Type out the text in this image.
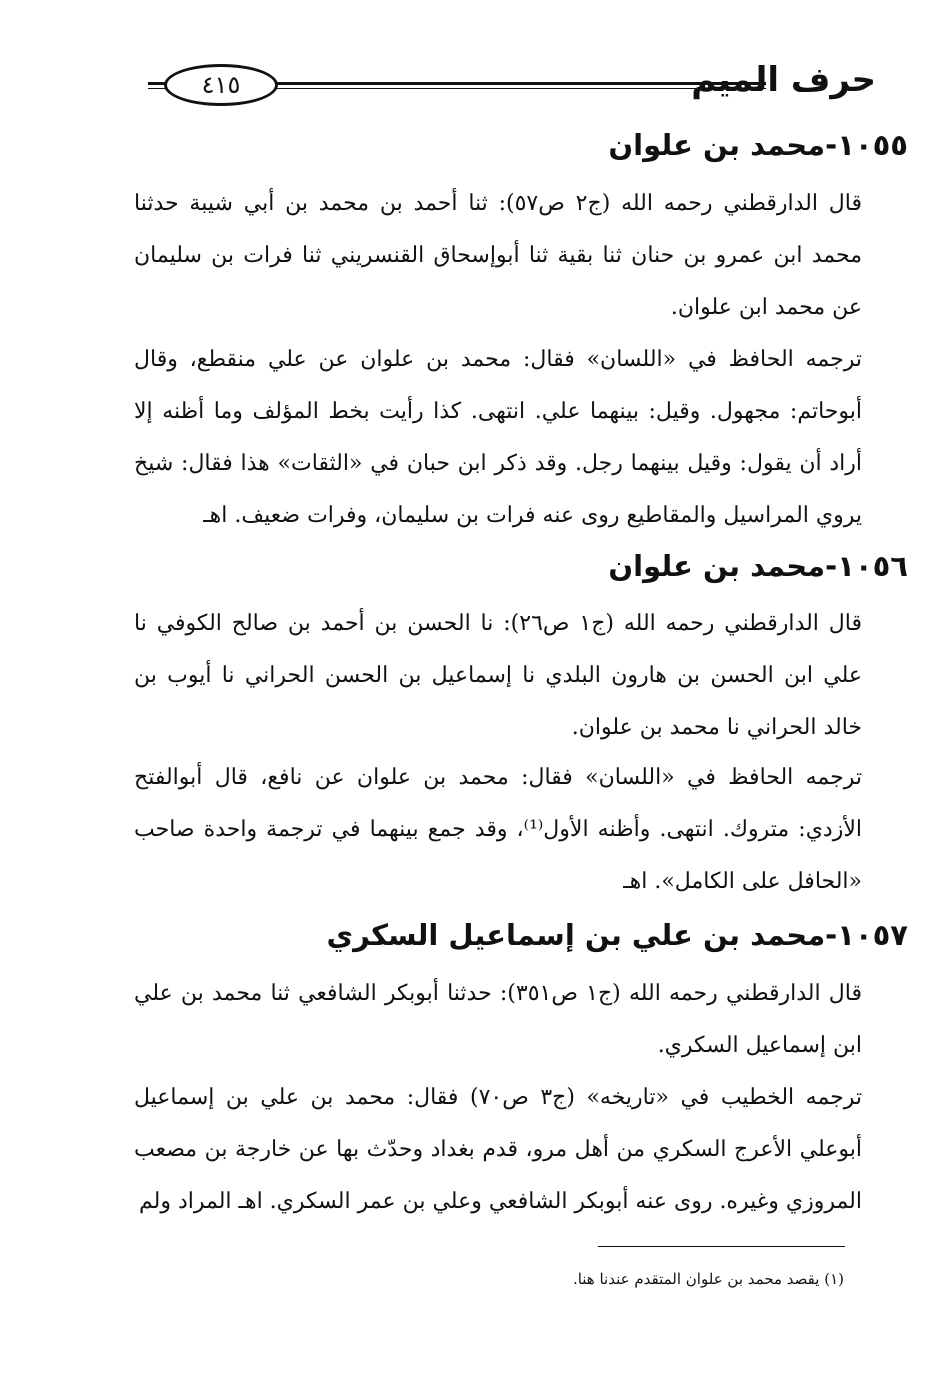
حرف الميم
٤١٥
١٠٥٥-محمد بن علوان

قال الدارقطني رحمه الله (ج٢ ص٥٧): ثنا أحمد بن محمد بن أبي شيبة حدثنا محمد ابن عمرو بن حنان ثنا بقية ثنا أبوإسحاق القنسريني ثنا فرات بن سليمان عن محمد ابن علوان.

ترجمه الحافظ في «اللسان» فقال: محمد بن علوان عن علي منقطع، وقال أبوحاتم: مجهول. وقيل: بينهما علي. انتهى. كذا رأيت بخط المؤلف وما أظنه إلا أراد أن يقول: وقيل بينهما رجل. وقد ذكر ابن حبان في «الثقات» هذا فقال: شيخ يروي المراسيل والمقاطيع روى عنه فرات بن سليمان، وفرات ضعيف. اهـ

١٠٥٦-محمد بن علوان

قال الدارقطني رحمه الله (ج١ ص٢٦): نا الحسن بن أحمد بن صالح الكوفي نا علي ابن الحسن بن هارون البلدي نا إسماعيل بن الحسن الحراني نا أيوب بن خالد الحراني نا محمد بن علوان.

ترجمه الحافظ في «اللسان» فقال: محمد بن علوان عن نافع، قال أبوالفتح الأزدي: متروك. انتهى. وأظنه الأول⁽¹⁾، وقد جمع بينهما في ترجمة واحدة صاحب «الحافل على الكامل». اهـ

١٠٥٧-محمد بن علي بن إسماعيل السكري

قال الدارقطني رحمه الله (ج١ ص٣٥١): حدثنا أبوبكر الشافعي ثنا محمد بن علي ابن إسماعيل السكري.

ترجمه الخطيب في «تاريخه» (ج٣ ص٧٠) فقال: محمد بن علي بن إسماعيل أبوعلي الأعرج السكري من أهل مرو، قدم بغداد وحدّث بها عن خارجة بن مصعب المروزي وغيره. روى عنه أبوبكر الشافعي وعلي بن عمر السكري. اهـ المراد ولم

(١) يقصد محمد بن علوان المتقدم عندنا هنا.
